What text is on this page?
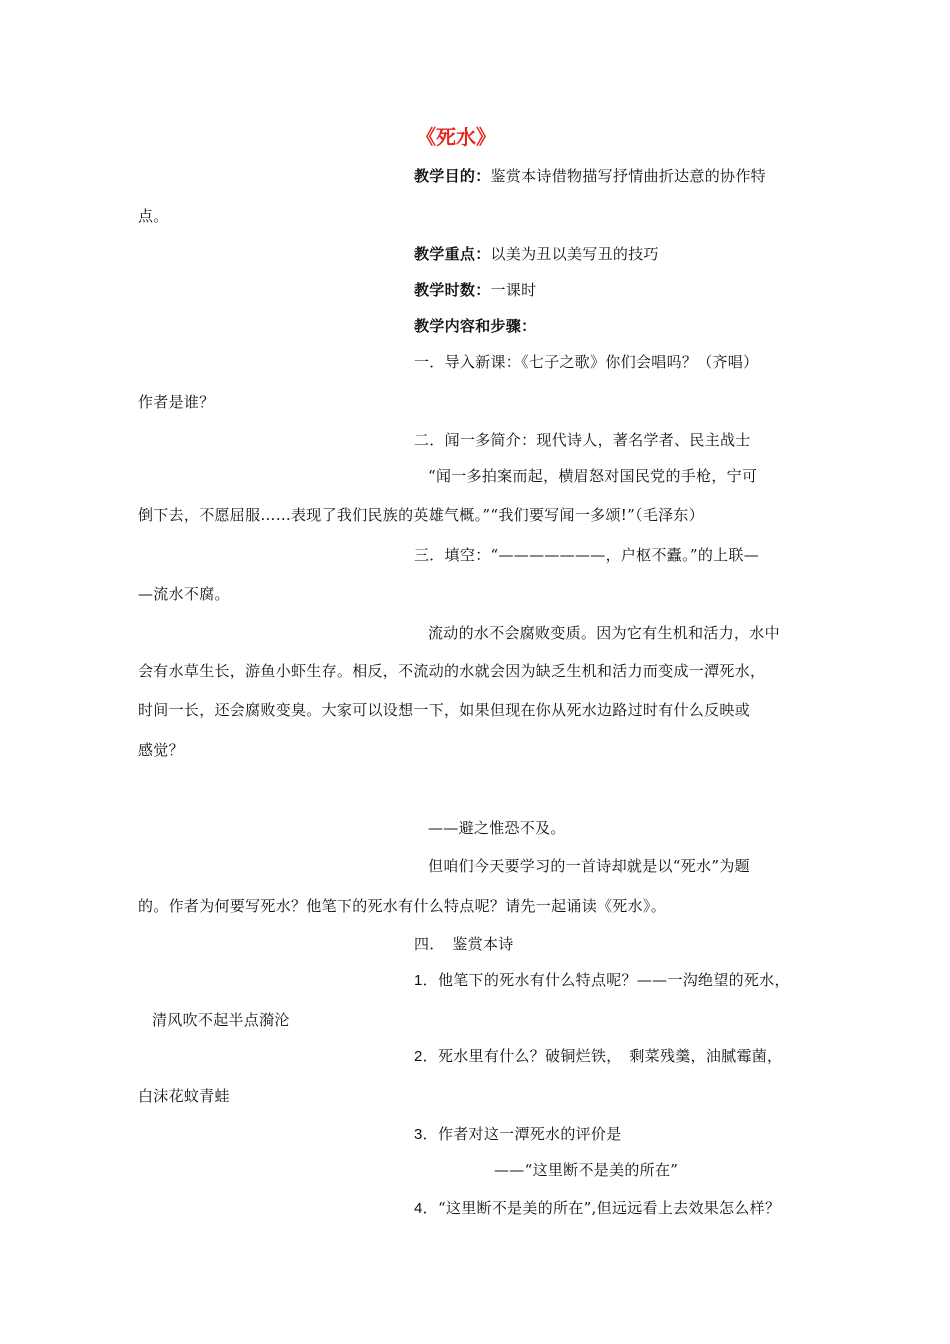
《死水》
教学目的：鉴赏本诗借物描写抒情曲折达意的协作特
点。
教学重点：以美为丑以美写丑的技巧
教学时数：一课时
教学内容和步骤：
一．导入新课：《七子之歌》你们会唱吗？（齐唱）
作者是谁？
二．闻一多简介：现代诗人，著名学者、民主战士
“闻一多拍案而起，横眉怒对国民党的手枪，宁可
倒下去，不愿屈服……表现了我们民族的英雄气概。”“我们要写闻一多颂!”（毛泽东）
三．填空：“———————，户枢不蠹。”的上联—
—流水不腐。
流动的水不会腐败变质。因为它有生机和活力，水中
会有水草生长，游鱼小虾生存。相反，不流动的水就会因为缺乏生机和活力而变成一潭死水，
时间一长，还会腐败变臭。大家可以设想一下，如果但现在你从死水边路过时有什么反映或
感觉？
——避之惟恐不及。
但咱们今天要学习的一首诗却就是以“死水”为题
的。作者为何要写死水？他笔下的死水有什么特点呢？请先一起诵读《死水》。
四．　鉴赏本诗
1．他笔下的死水有什么特点呢？——一沟绝望的死水，
清风吹不起半点漪沦
2．死水里有什么？破铜烂铁，　剩菜残羹，油腻霉菌，
白沫花蚊青蛙
3．作者对这一潭死水的评价是
——“这里断不是美的所在”
4．“这里断不是美的所在”,但远远看上去效果怎么样？
